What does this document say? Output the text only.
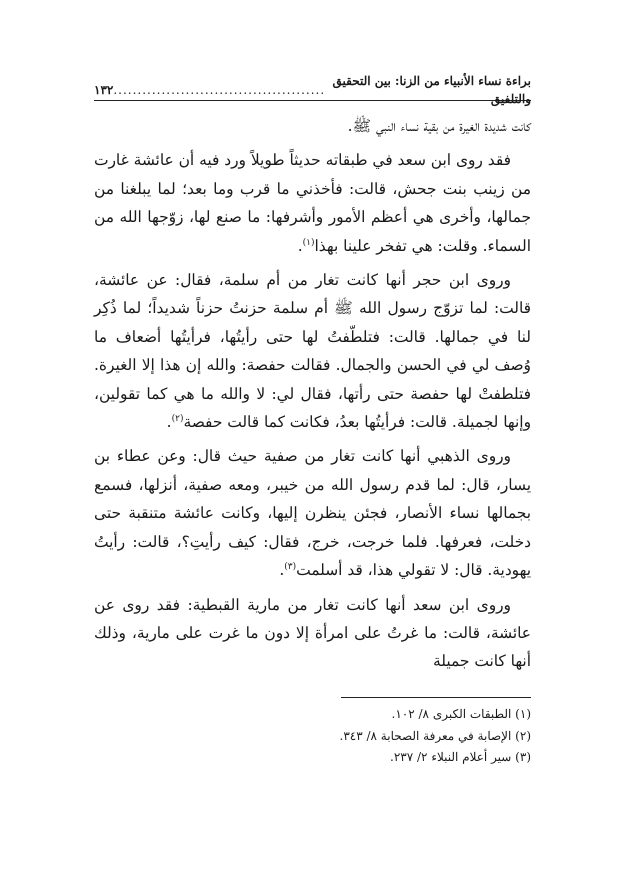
براءة نساء الأنبياء من الزنا: بين التحقيق والتلفيق
............................................
١٣٢

كانت شديدة الغيرة من بقية نساء النبي ﷺ.

فقد روى ابن سعد في طبقاته حديثاً طويلاً ورد فيه أن عائشة غارت من زينب بنت جحش، قالت: فأخذني ما قرب وما بعد؛ لما يبلغنا من جمالها، وأخرى هي أعظم الأمور وأشرفها: ما صنع لها، زوّجها الله من السماء. وقلت: هي تفخر علينا بهذا$^{(١)}$.

وروى ابن حجر أنها كانت تغار من أم سلمة، فقال: عن عائشة، قالت: لما تزوّج رسول الله ﷺ أم سلمة حزنتُ حزناً شديداً؛ لما ذُكِر لنا في جمالها. قالت: فتلطّفتُ لها حتى رأيتُها، فرأيتُها أضعاف ما وُصف لي في الحسن والجمال. فقالت حفصة: والله إن هذا إلا الغيرة. فتلطفتْ لها حفصة حتى رأتها، فقال لي: لا والله ما هي كما تقولين، وإنها لجميلة. قالت: فرأيتُها بعدُ، فكانت كما قالت حفصة$^{(٢)}$.

وروى الذهبي أنها كانت تغار من صفية حيث قال: وعن عطاء بن يسار، قال: لما قدم رسول الله من خيبر، ومعه صفية، أنزلها، فسمع بجمالها نساء الأنصار، فجئن ينظرن إليها، وكانت عائشة متنقبة حتى دخلت، فعرفها. فلما خرجت، خرج، فقال: كيف رأيتِ؟، قالت: رأيتُ يهودية. قال: لا تقولي هذا، قد أسلمت$^{(٣)}$.

وروى ابن سعد أنها كانت تغار من مارية القبطية: فقد روى عن عائشة، قالت: ما غرتُ على امرأة إلا دون ما غرت على مارية، وذلك أنها كانت جميلة

(١) الطبقات الكبرى ٨/ ١٠٢.
(٢) الإصابة في معرفة الصحابة ٨/ ٣٤٣.
(٣) سير أعلام النبلاء ٢/ ٢٣٧.
